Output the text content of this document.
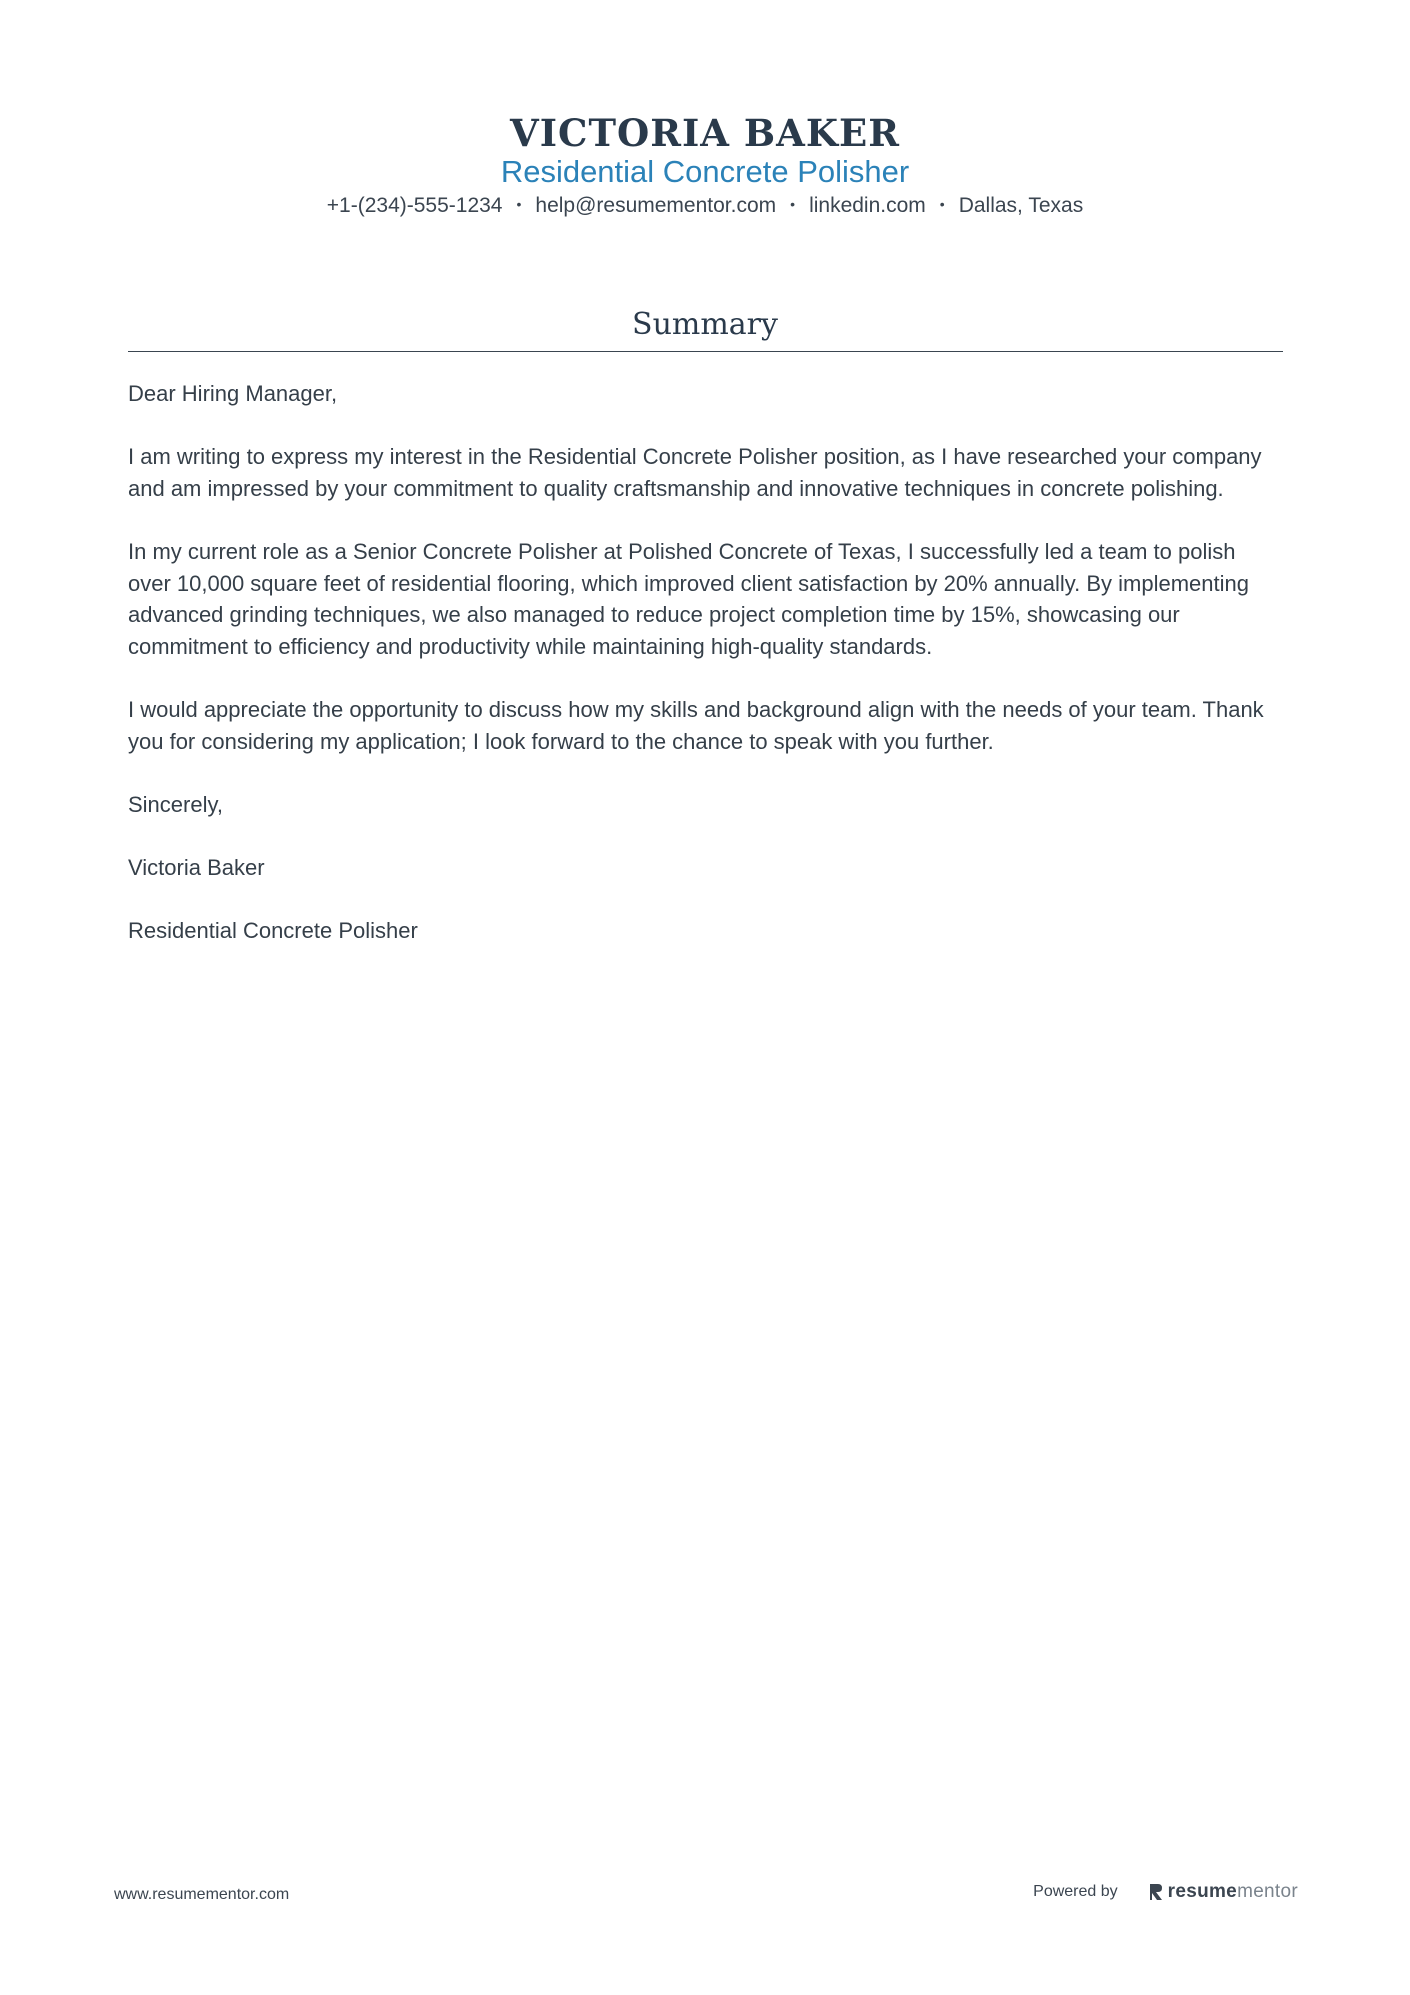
VICTORIA BAKER
Residential Concrete Polisher
+1-(234)-555-1234 • help@resumementor.com • linkedin.com • Dallas, Texas
Summary

Dear Hiring Manager,

I am writing to express my interest in the Residential Concrete Polisher position, as I have researched your company and am impressed by your commitment to quality craftsmanship and innovative techniques in concrete polishing.

In my current role as a Senior Concrete Polisher at Polished Concrete of Texas, I successfully led a team to polish over 10,000 square feet of residential flooring, which improved client satisfaction by 20% annually. By implementing advanced grinding techniques, we also managed to reduce project completion time by 15%, showcasing our commitment to efficiency and productivity while maintaining high-quality standards.

I would appreciate the opportunity to discuss how my skills and background align with the needs of your team. Thank you for considering my application; I look forward to the chance to speak with you further.

Sincerely,

Victoria Baker

Residential Concrete Polisher

www.resumementor.com	Powered by	resumementor
